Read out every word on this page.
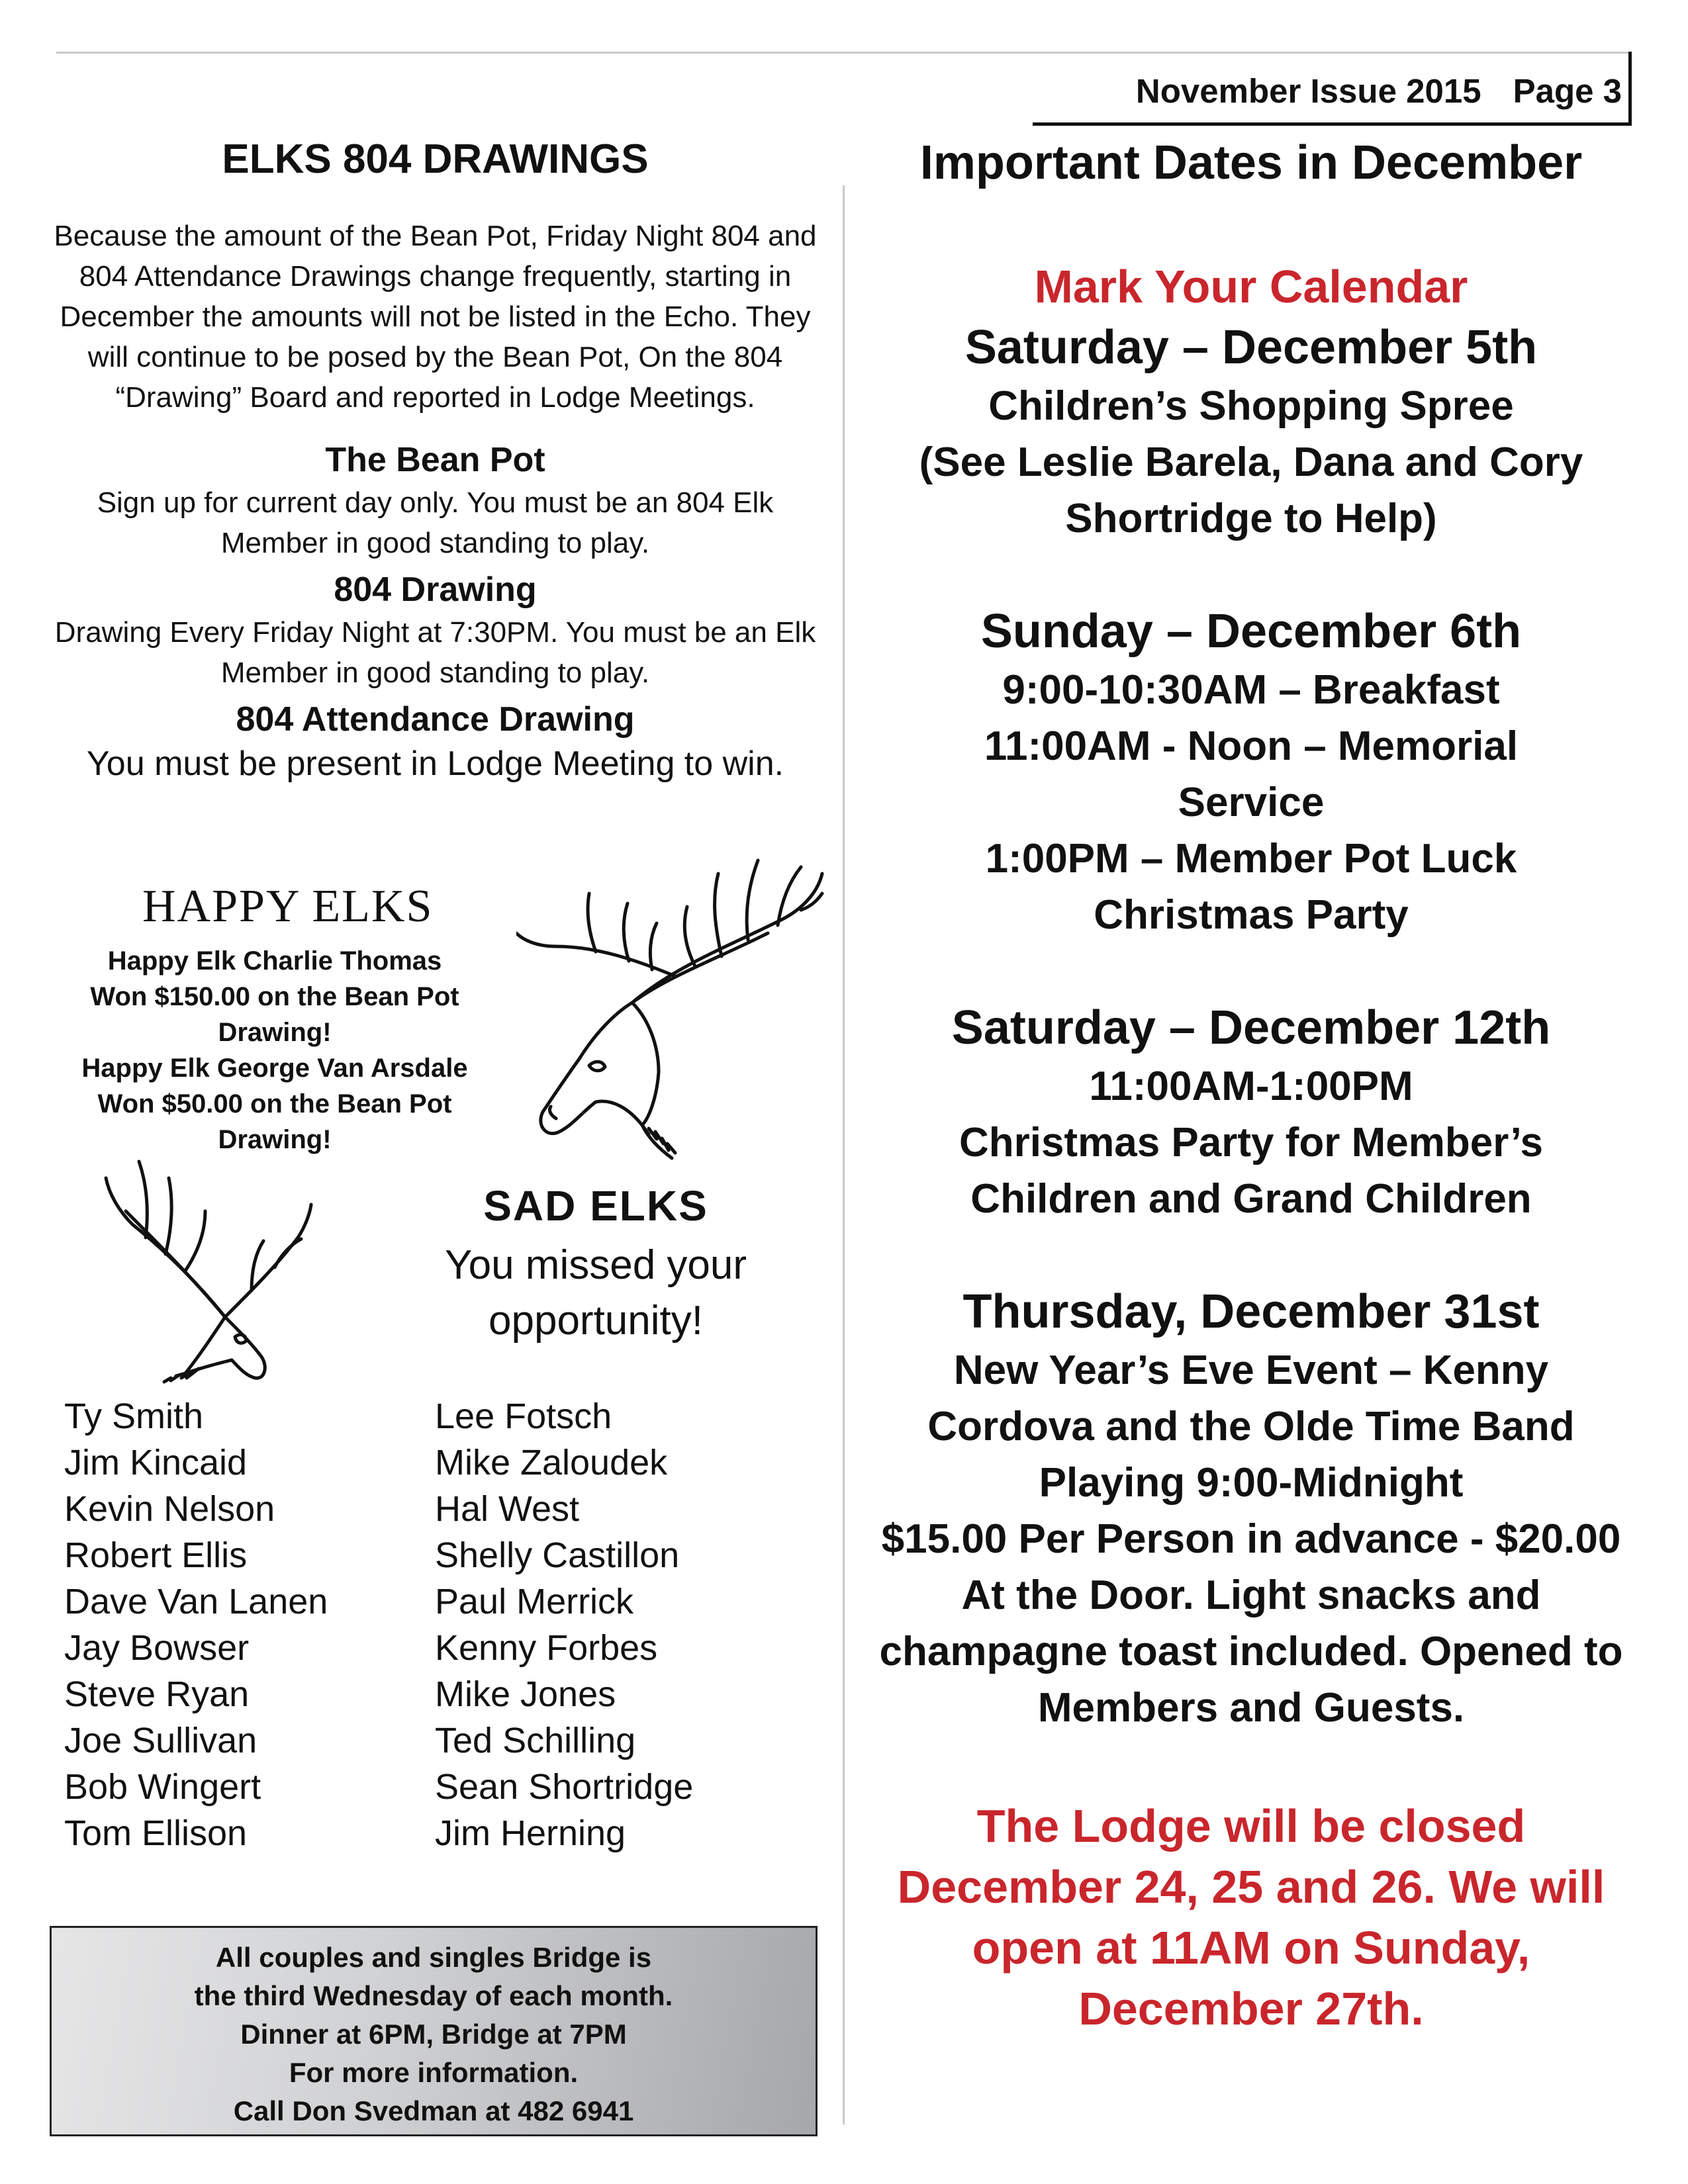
November Issue 2015 Page 3
ELKS 804 DRAWINGS
Because the amount of the Bean Pot, Friday Night 804 and 804 Attendance Drawings change frequently, starting in December the amounts will not be listed in the Echo. They will continue to be posed by the Bean Pot, On the 804 “Drawing” Board and reported in Lodge Meetings.
The Bean Pot
Sign up for current day only. You must be an 804 Elk Member in good standing to play.
804 Drawing
Drawing Every Friday Night at 7:30PM. You must be an Elk Member in good standing to play.
804 Attendance Drawing
You must be present in Lodge Meeting to win.
HAPPY ELKS
Happy Elk Charlie Thomas
Won $150.00 on the Bean Pot
Drawing!
Happy Elk George Van Arsdale
Won $50.00 on the Bean Pot
Drawing!
SAD ELKS
You missed your opportunity!
Ty Smith
Jim Kincaid
Kevin Nelson
Robert Ellis
Dave Van Lanen
Jay Bowser
Steve Ryan
Joe Sullivan
Bob Wingert
Tom Ellison
Lee Fotsch
Mike Zaloudek
Hal West
Shelly Castillon
Paul Merrick
Kenny Forbes
Mike Jones
Ted Schilling
Sean Shortridge
Jim Herning
All couples and singles Bridge is
the third Wednesday of each month.
Dinner at 6PM, Bridge at 7PM
For more information.
Call Don Svedman at 482 6941
Important Dates in December
Mark Your Calendar
Saturday – December 5th
Children’s Shopping Spree
(See Leslie Barela, Dana and Cory Shortridge to Help)
Sunday – December 6th
9:00-10:30AM – Breakfast
11:00AM - Noon – Memorial Service
1:00PM – Member Pot Luck Christmas Party
Saturday – December 12th
11:00AM-1:00PM
Christmas Party for Member’s Children and Grand Children
Thursday, December 31st
New Year’s Eve Event – Kenny Cordova and the Olde Time Band Playing 9:00-Midnight
$15.00 Per Person in advance - $20.00 At the Door. Light snacks and champagne toast included. Opened to Members and Guests.
The Lodge will be closed December 24, 25 and 26. We will open at 11AM on Sunday, December 27th.
